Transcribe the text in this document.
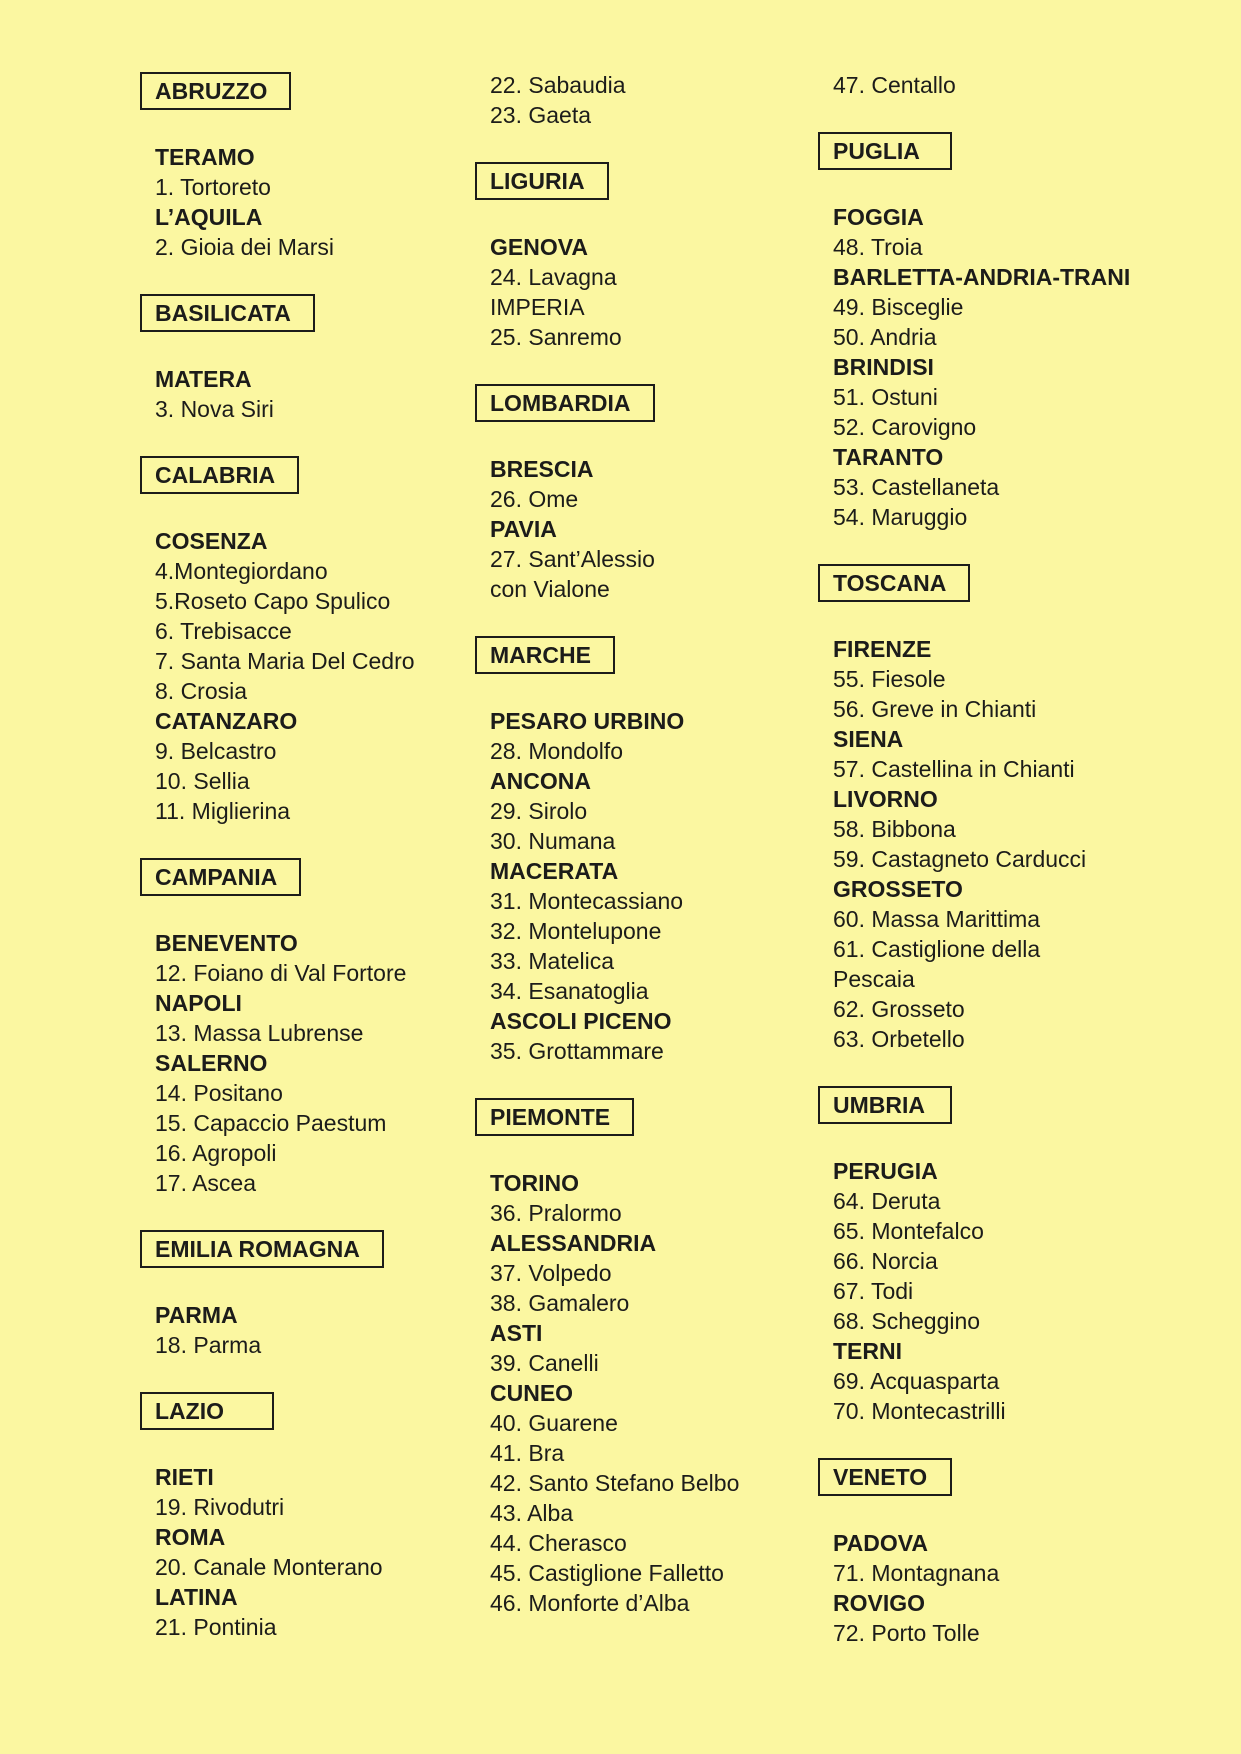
ABRUZZO
TERAMO
1. Tortoreto
L’AQUILA
2. Gioia dei Marsi
BASILICATA
MATERA
3. Nova Siri
CALABRIA
COSENZA
4.Montegiordano
5.Roseto Capo Spulico
6. Trebisacce
7. Santa Maria Del Cedro
8. Crosia
CATANZARO
9. Belcastro
10. Sellia
11. Miglierina
CAMPANIA
BENEVENTO
12. Foiano di Val Fortore
NAPOLI
13. Massa Lubrense
SALERNO
14. Positano
15. Capaccio Paestum
16. Agropoli
17. Ascea
EMILIA ROMAGNA
PARMA
18. Parma
LAZIO
RIETI
19. Rivodutri
ROMA
20. Canale Monterano
LATINA
21. Pontinia
22. Sabaudia
23. Gaeta
LIGURIA
GENOVA
24. Lavagna
IMPERIA
25. Sanremo
LOMBARDIA
BRESCIA
26. Ome
PAVIA
27. Sant’Alessio
con Vialone
MARCHE
PESARO URBINO
28. Mondolfo
ANCONA
29. Sirolo
30. Numana
MACERATA
31. Montecassiano
32. Montelupone
33. Matelica
34. Esanatoglia
ASCOLI PICENO
35. Grottammare
PIEMONTE
TORINO
36. Pralormo
ALESSANDRIA
37. Volpedo
38. Gamalero
ASTI
39. Canelli
CUNEO
40. Guarene
41. Bra
42. Santo Stefano Belbo
43. Alba
44. Cherasco
45. Castiglione Falletto
46. Monforte d’Alba
47. Centallo
PUGLIA
FOGGIA
48. Troia
BARLETTA-ANDRIA-TRANI
49. Bisceglie
50. Andria
BRINDISI
51. Ostuni
52. Carovigno
TARANTO
53. Castellaneta
54. Maruggio
TOSCANA
FIRENZE
55. Fiesole
56. Greve in Chianti
SIENA
57. Castellina in Chianti
LIVORNO
58. Bibbona
59. Castagneto Carducci
GROSSETO
60. Massa Marittima
61. Castiglione della
Pescaia
62. Grosseto
63. Orbetello
UMBRIA
PERUGIA
64. Deruta
65. Montefalco
66. Norcia
67. Todi
68. Scheggino
TERNI
69. Acquasparta
70. Montecastrilli
VENETO
PADOVA
71. Montagnana
ROVIGO
72. Porto Tolle
